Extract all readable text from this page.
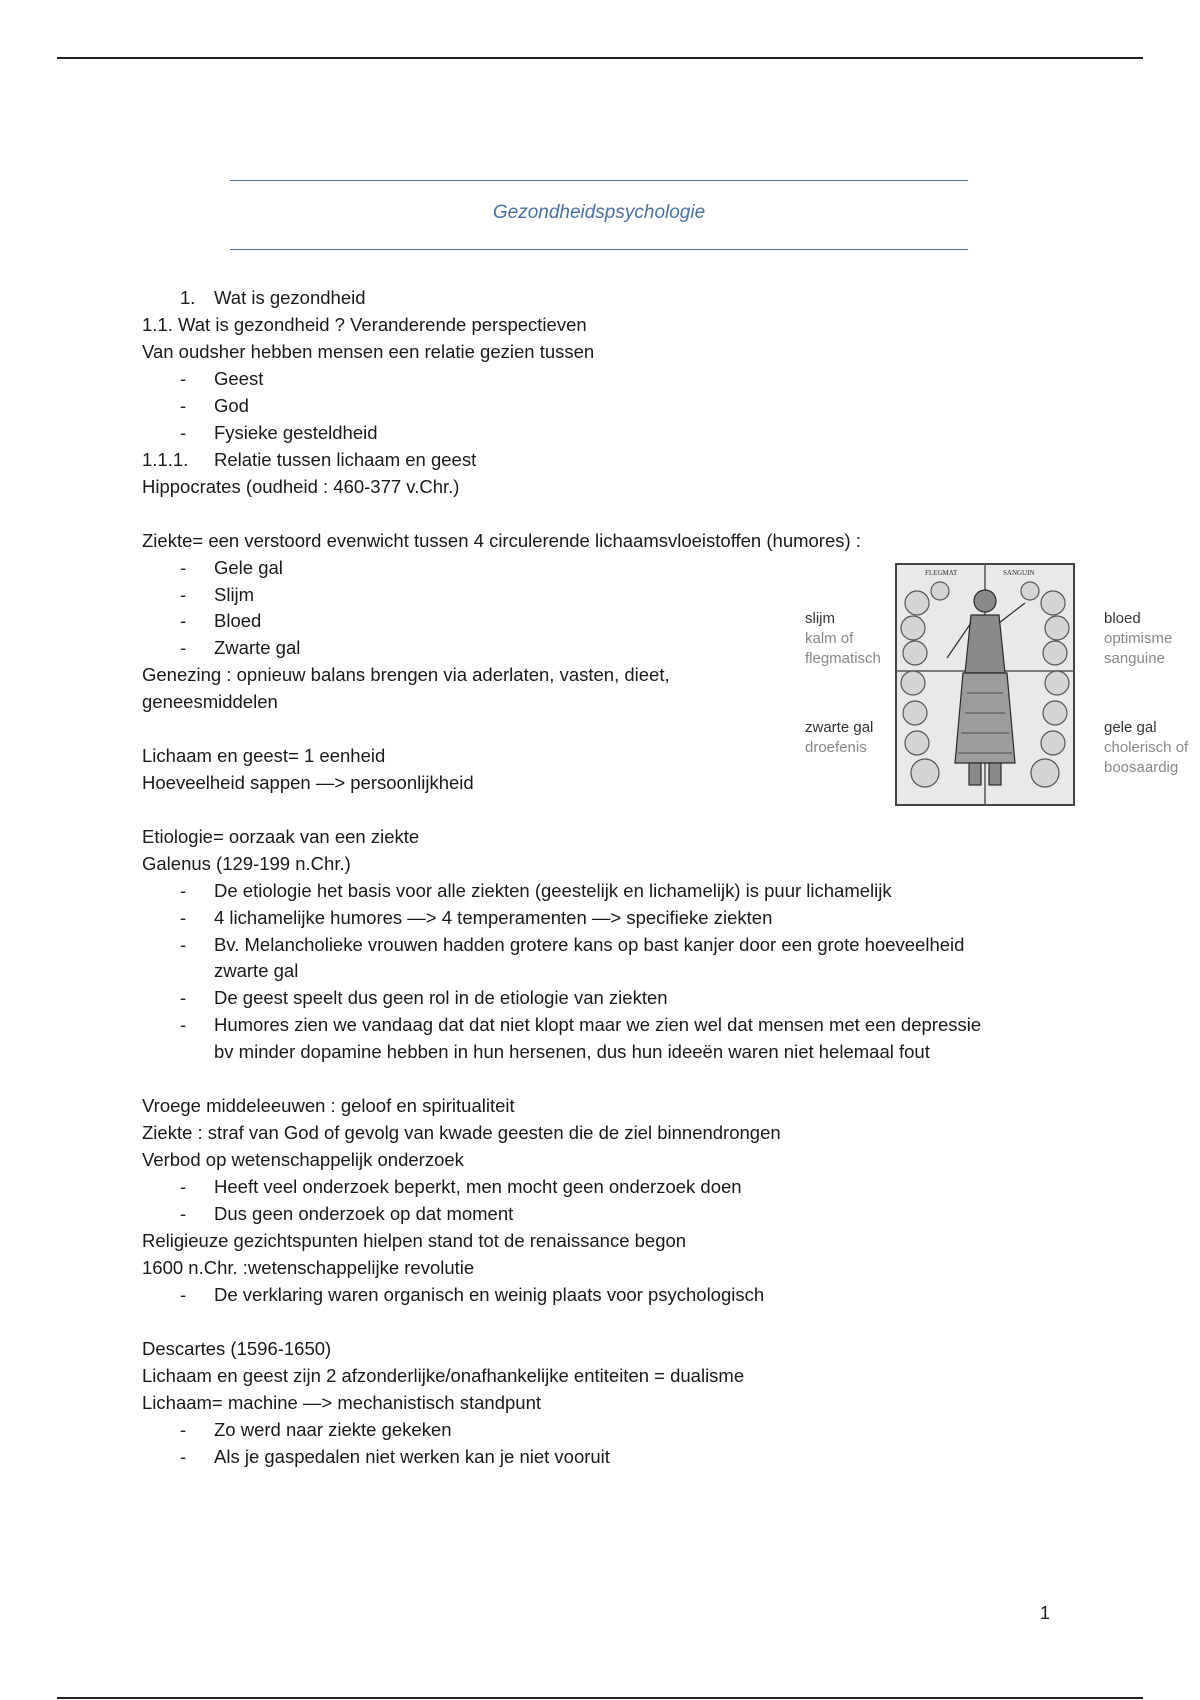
Gezondheidspsychologie
1. Wat is gezondheid
1.1. Wat is gezondheid ? Veranderende perspectieven
Van oudsher hebben mensen een relatie gezien tussen
- Geest
- God
- Fysieke gesteldheid
1.1.1. Relatie tussen lichaam en geest
Hippocrates (oudheid : 460-377 v.Chr.)
Ziekte= een verstoord evenwicht tussen 4 circulerende lichaamsvloeistoffen (humores) :
- Gele gal
- Slijm
- Bloed
- Zwarte gal
Genezing : opnieuw balans brengen via aderlaten, vasten, dieet,
geneesmiddelen
Lichaam en geest= 1 eenheid
Hoeveelheid sappen —> persoonlijkheid
Etiologie= oorzaak van een ziekte
Galenus (129-199 n.Chr.)
- De etiologie het basis voor alle ziekten (geestelijk en lichamelijk) is puur lichamelijk
- 4 lichamelijke humores —> 4 temperamenten —> specifieke ziekten
- Bv. Melancholieke vrouwen hadden grotere kans op bast kanjer door een grote hoeveelheid
zwarte gal
- De geest speelt dus geen rol in de etiologie van ziekten
- Humores zien we vandaag dat dat niet klopt maar we zien wel dat mensen met een depressie
bv minder dopamine hebben in hun hersenen, dus hun ideeën waren niet helemaal fout
Vroege middeleeuwen : geloof en spiritualiteit
Ziekte : straf van God of gevolg van kwade geesten die de ziel binnendrongen
Verbod op wetenschappelijk onderzoek
- Heeft veel onderzoek beperkt, men mocht geen onderzoek doen
- Dus geen onderzoek op dat moment
Religieuze gezichtspunten hielpen stand tot de renaissance begon
1600 n.Chr. :wetenschappelijke revolutie
- De verklaring waren organisch en weinig plaats voor psychologisch
Descartes (1596-1650)
Lichaam en geest zijn 2 afzonderlijke/onafhankelijke entiteiten = dualisme
Lichaam= machine —> mechanistisch standpunt
- Zo werd naar ziekte gekeken
- Als je gaspedalen niet werken kan je niet vooruit
slijm
kalm of
flegmatisch
zwarte gal
droefenis
bloed
optimisme
sanguine
gele gal
cholerisch of
boosaardig
FLEGMAT	SANGUIN
1
